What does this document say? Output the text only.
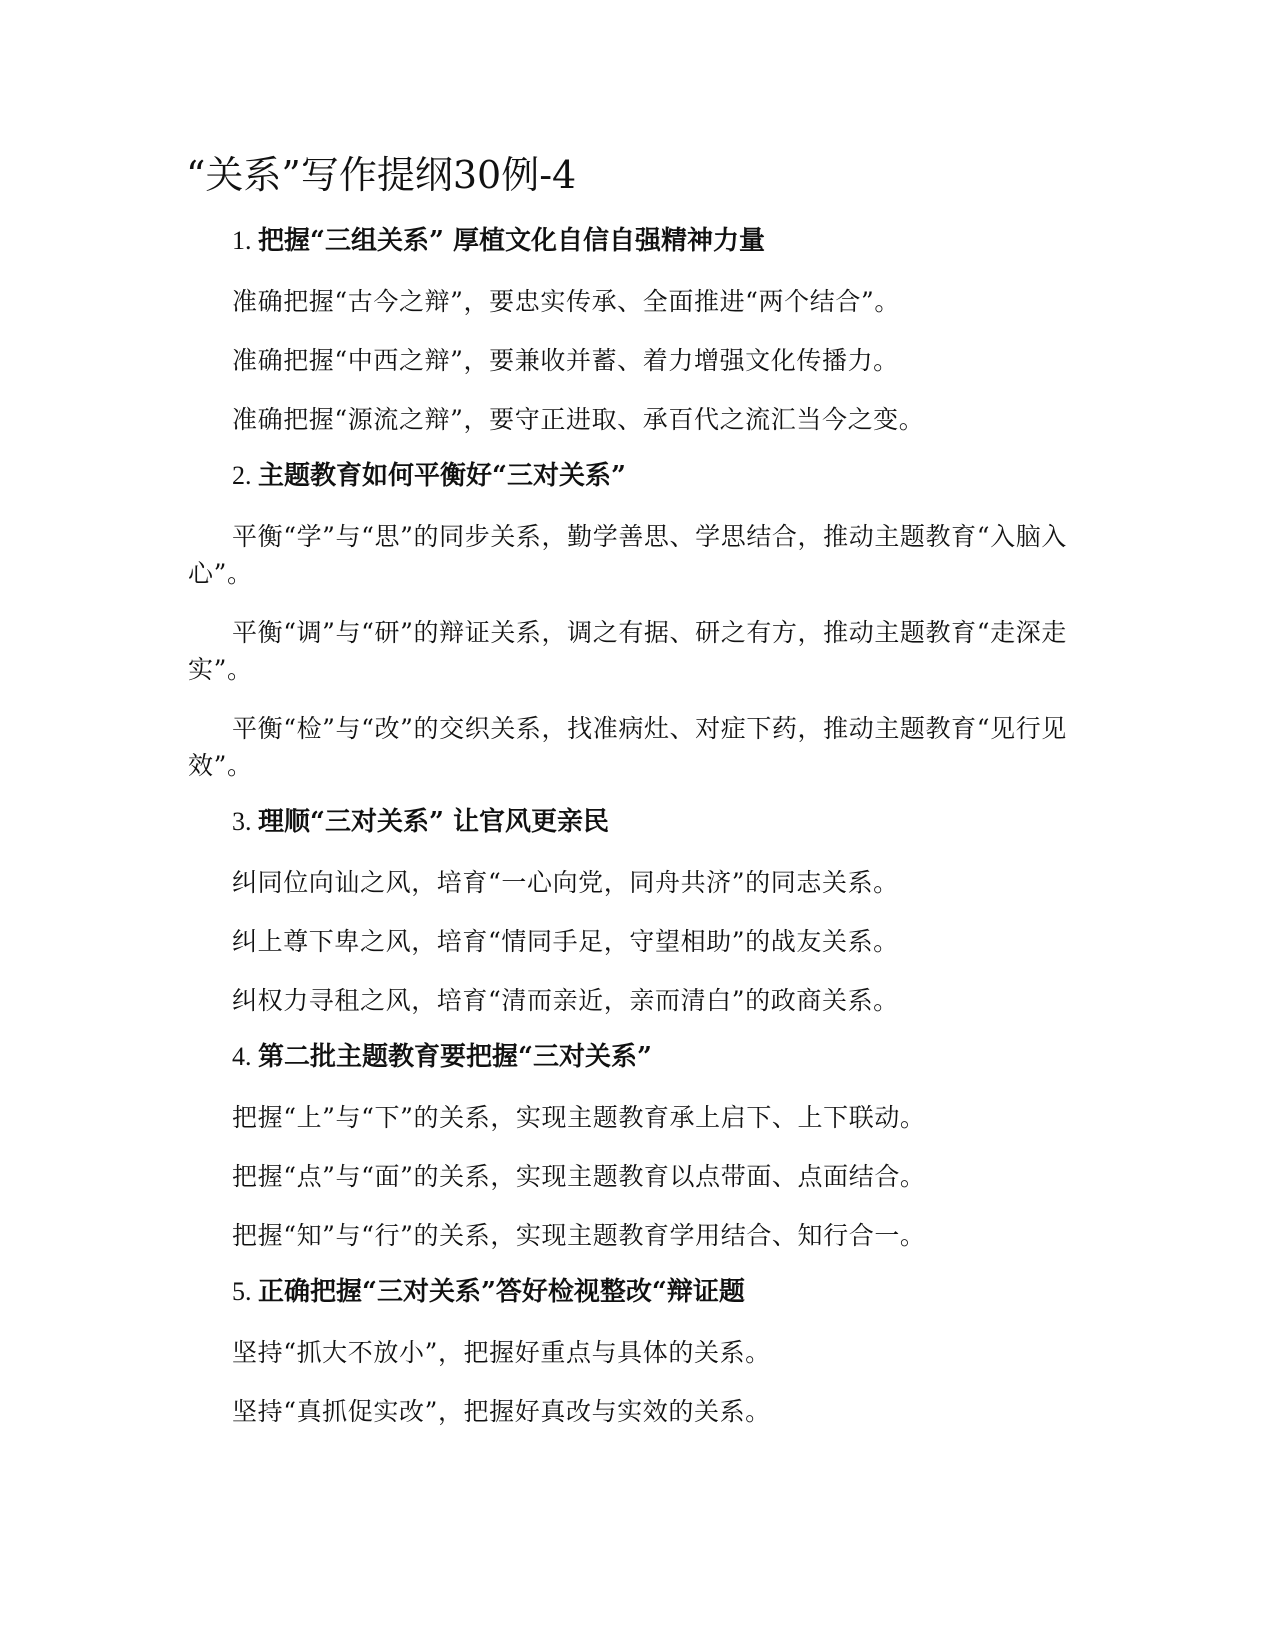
“关系”写作提纲30例-4

1. 把握“三组关系” 厚植文化自信自强精神力量

准确把握“古今之辩”，要忠实传承、全面推进“两个结合”。

准确把握“中西之辩”，要兼收并蓄、着力增强文化传播力。

准确把握“源流之辩”，要守正进取、承百代之流汇当今之变。

2. 主题教育如何平衡好“三对关系”

平衡“学”与“思”的同步关系，勤学善思、学思结合，推动主题教育“入脑入心”。

平衡“调”与“研”的辩证关系，调之有据、研之有方，推动主题教育“走深走实”。

平衡“检”与“改”的交织关系，找准病灶、对症下药，推动主题教育“见行见效”。

3. 理顺“三对关系” 让官风更亲民

纠同位向讪之风，培育“一心向党，同舟共济”的同志关系。

纠上尊下卑之风，培育“情同手足，守望相助”的战友关系。

纠权力寻租之风，培育“清而亲近，亲而清白”的政商关系。

4. 第二批主题教育要把握“三对关系”

把握“上”与“下”的关系，实现主题教育承上启下、上下联动。

把握“点”与“面”的关系，实现主题教育以点带面、点面结合。

把握“知”与“行”的关系，实现主题教育学用结合、知行合一。

5. 正确把握“三对关系”答好检视整改“辩证题

坚持“抓大不放小”，把握好重点与具体的关系。

坚持“真抓促实改”，把握好真改与实效的关系。
